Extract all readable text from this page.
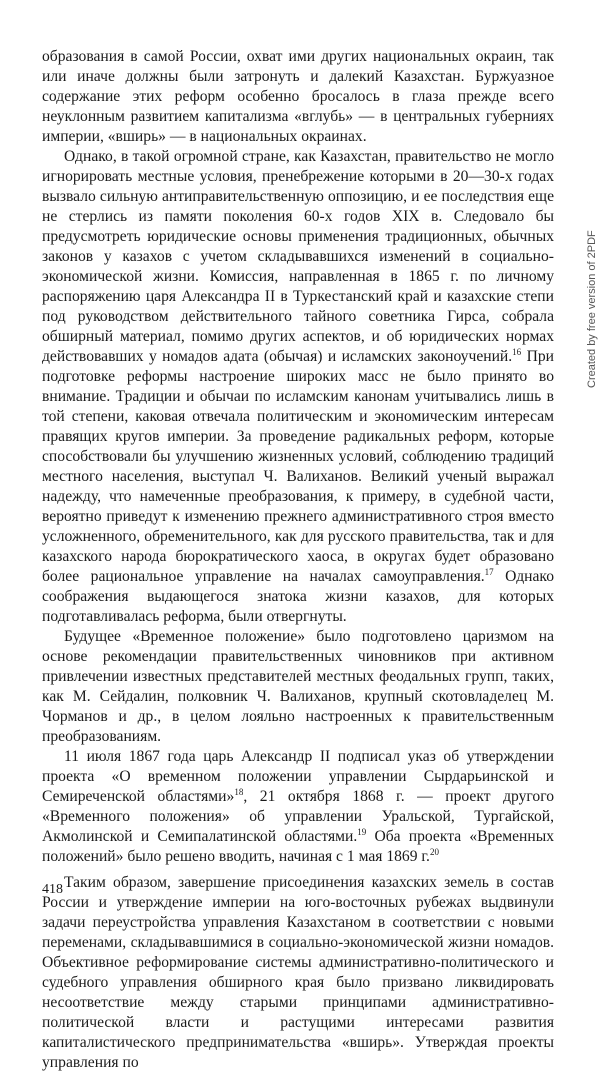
образования в самой России, охват ими других национальных окраин, так или иначе должны были затронуть и далекий Казахстан. Буржуазное содержание этих реформ особенно бросалось в глаза прежде всего неуклонным развитием капитализма «вглубь» — в центральных губерниях империи, «вширь» — в национальных окраинах.

Однако, в такой огромной стране, как Казахстан, правительство не могло игнорировать местные условия, пренебрежение которыми в 20—30-х годах вызвало сильную антиправительственную оппозицию, и ее последствия еще не стерлись из памяти поколения 60-х годов XIX в. Следовало бы предусмотреть юридические основы применения традиционных, обычных законов у казахов с учетом складывавшихся изменений в социально-экономической жизни. Комиссия, направленная в 1865 г. по личному распоряжению царя Александра II в Туркестанский край и казахские степи под руководством действительного тайного советника Гирса, собрала обширный материал, помимо других аспектов, и об юридических нормах действовавших у номадов адата (обычая) и исламских законоучений.$^{16}$ При подготовке реформы настроение широких масс не было принято во внимание. Традиции и обычаи по исламским канонам учитывались лишь в той степени, каковая отвечала политическим и экономическим интересам правящих кругов империи. За проведение радикальных реформ, которые способствовали бы улучшению жизненных условий, соблюдению традиций местного населения, выступал Ч. Валиханов. Великий ученый выражал надежду, что намеченные преобразования, к примеру, в судебной части, вероятно приведут к изменению прежнего административного строя вместо усложненного, обременительного, как для русского правительства, так и для казахского народа бюрократического хаоса, в округах будет образовано более рациональное управление на началах самоуправления.$^{17}$ Однако соображения выдающегося знатока жизни казахов, для которых подготавливалась реформа, были отвергнуты.

Будущее «Временное положение» было подготовлено царизмом на основе рекомендации правительственных чиновников при активном привлечении известных представителей местных феодальных групп, таких, как М. Сейдалин, полковник Ч. Валиханов, крупный скотовладелец М. Чорманов и др., в целом лояльно настроенных к правительственным преобразованиям.

11 июля 1867 года царь Александр II подписал указ об утверждении проекта «О временном положении управлении Сырдарьинской и Семиреченской областями»$^{18}$, 21 октября 1868 г. — проект другого «Временного положения» об управлении Уральской, Тургайской, Акмолинской и Семипалатинской областями.$^{19}$ Оба проекта «Временных положений» было решено вводить, начиная с 1 мая 1869 г.$^{20}$

Таким образом, завершение присоединения казахских земель в состав России и утверждение империи на юго-восточных рубежах выдвинули задачи переустройства управления Казахстаном в соответствии с новыми переменами, складывавшимися в социально-экономической жизни номадов. Объективное реформирование системы административно-политического и судебного управления обширного края было призвано ликвидировать несоответствие между старыми принципами административно-политической власти и растущими интересами развития капиталистического предпринимательства «вширь». Утверждая проекты управления по

418
Created by free version of 2PDF
